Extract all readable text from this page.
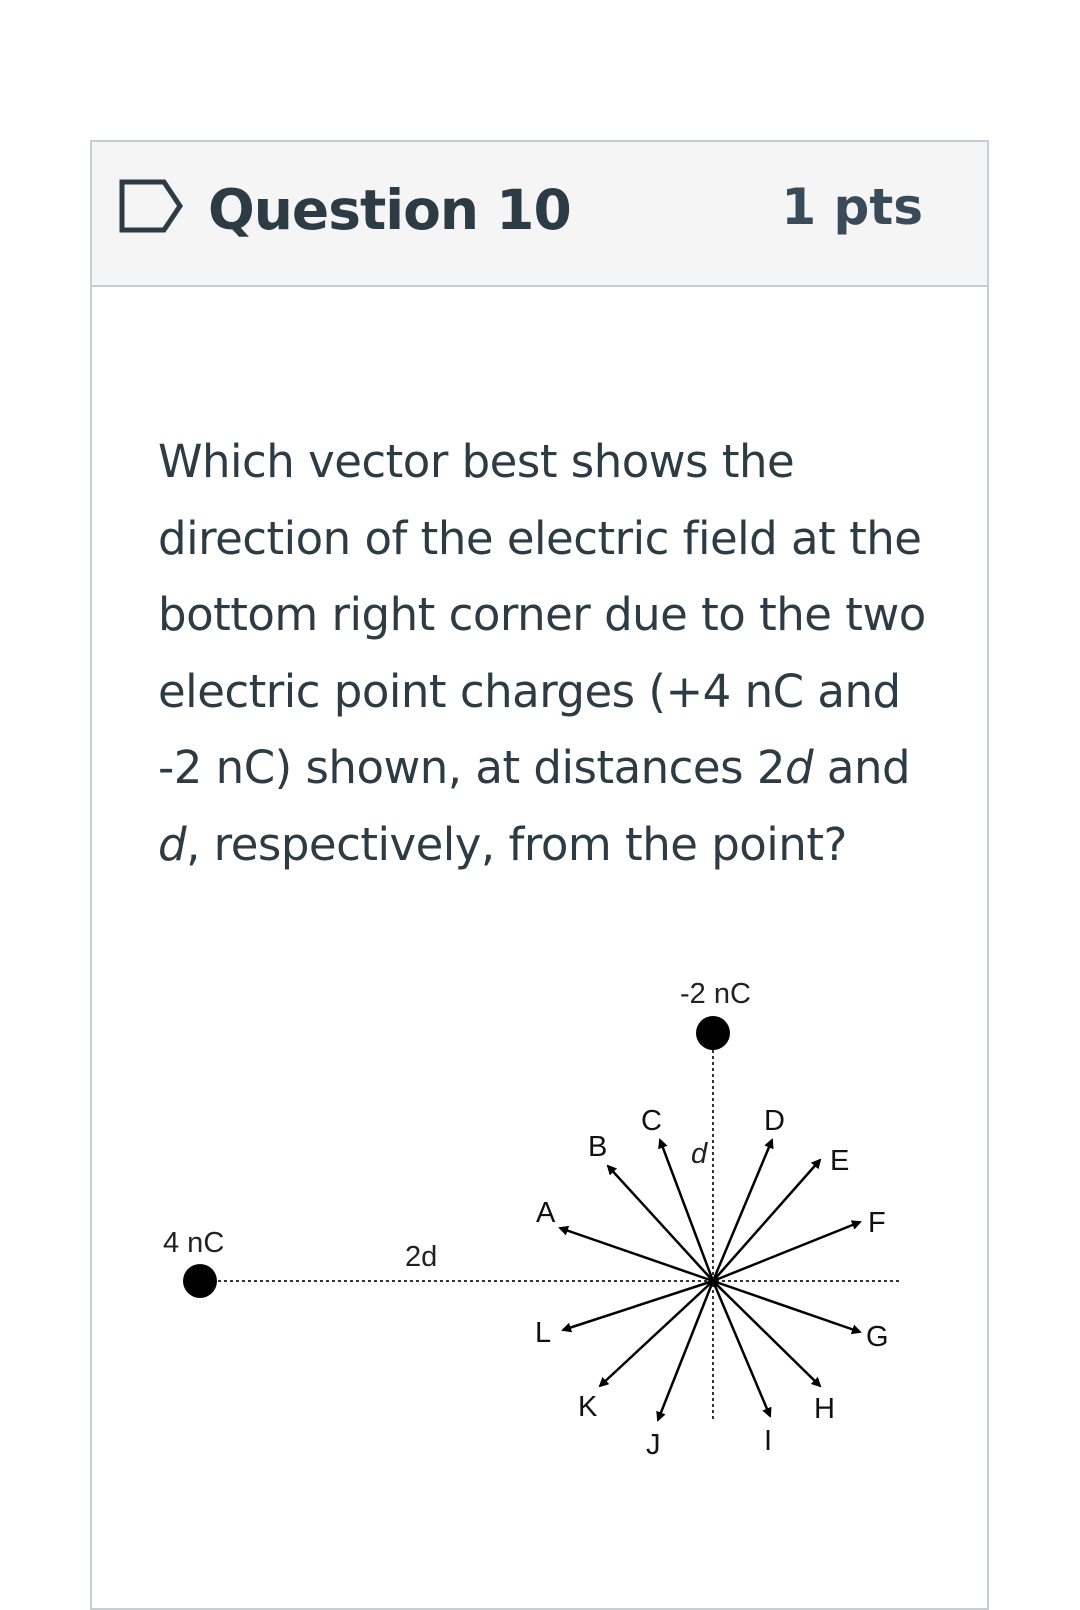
Question 10	1 pts
Which vector best shows the direction of the electric field at the bottom right corner due to the two electric point charges (+4 nC and -2 nC) shown, at distances 2d and d, respectively, from the point?
4 nC
-2 nC
2d
d
A
B
C	D
E
F
G
H
I
J
K
L
